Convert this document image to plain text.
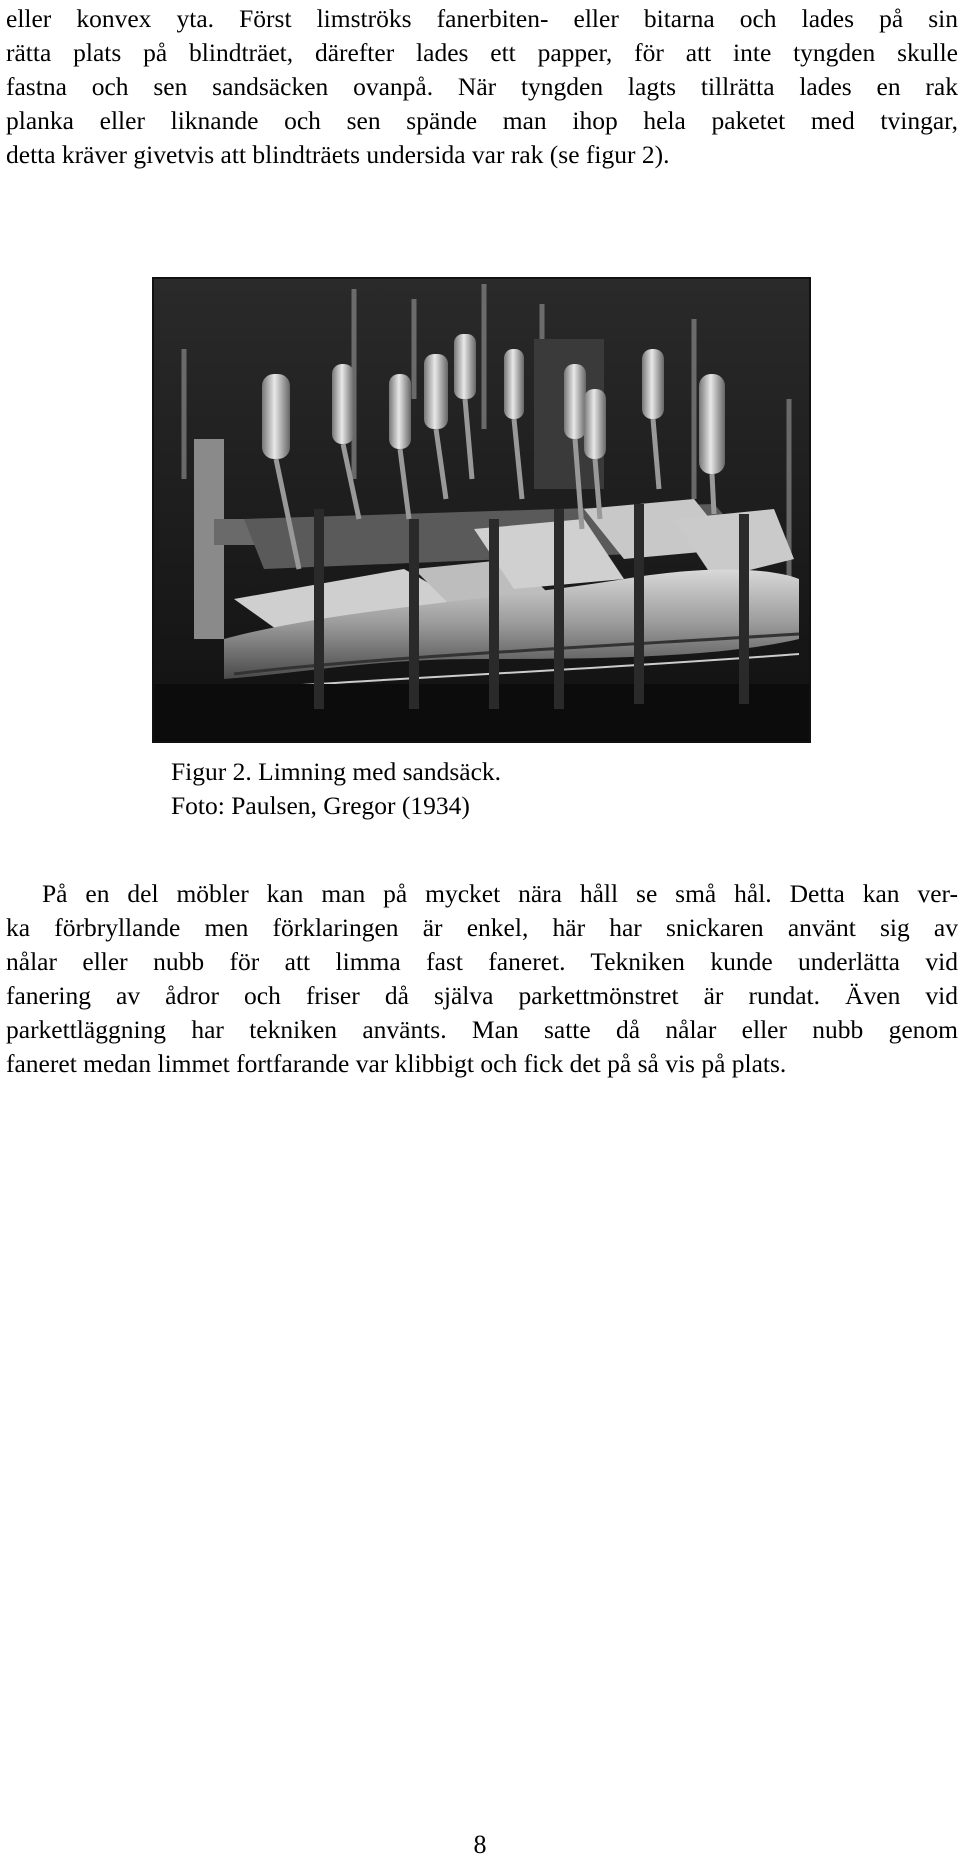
eller konvex yta. Först limströks fanerbiten- eller bitarna och lades på sin
rätta plats på blindträet, därefter lades ett papper, för att inte tyngden skulle
fastna och sen sandsäcken ovanpå. När tyngden lagts tillrätta lades en rak
planka eller liknande och sen spände man ihop hela paketet med tvingar,
detta kräver givetvis att blindträets undersida var rak (se figur 2).
Figur 2. Limning med sandsäck.
Foto: Paulsen, Gregor (1934)
På en del möbler kan man på mycket nära håll se små hål. Detta kan ver-
ka förbryllande men förklaringen är enkel, här har snickaren använt sig av
nålar eller nubb för att limma fast faneret. Tekniken kunde underlätta vid
fanering av ådror och friser då själva parkettmönstret är rundat. Även vid
parkettläggning har tekniken använts. Man satte då nålar eller nubb genom
faneret medan limmet fortfarande var klibbigt och fick det på så vis på plats.
8
